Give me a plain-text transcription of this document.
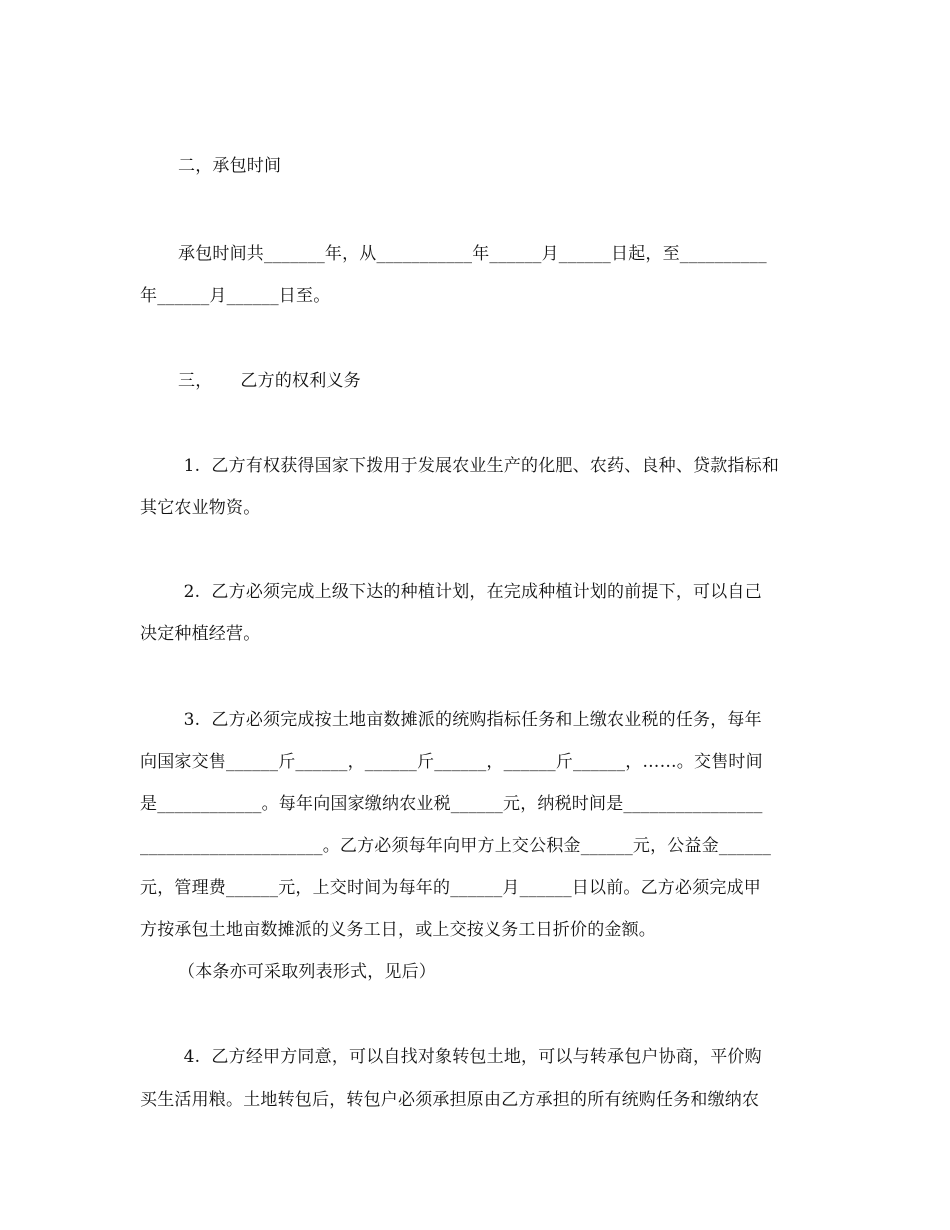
二，承包时间
承包时间共_______年，从___________年______月______日起，至__________
年______月______日至。
三，     乙方的权利义务
1.  乙方有权获得国家下拨用于发展农业生产的化肥、农药、良种、贷款指标和
其它农业物资。
2.  乙方必须完成上级下达的种植计划，在完成种植计划的前提下，可以自己
决定种植经营。
3.  乙方必须完成按土地亩数摊派的统购指标任务和上缴农业税的任务，每年
向国家交售______斤______，______斤______，______斤______，……。交售时间
是____________。每年向国家缴纳农业税______元，纳税时间是________________
_____________________。乙方必须每年向甲方上交公积金______元，公益金______
元，管理费______元，上交时间为每年的______月______日以前。乙方必须完成甲
方按承包土地亩数摊派的义务工日，或上交按义务工日折价的金额。
（本条亦可采取列表形式，见后）
4.  乙方经甲方同意，可以自找对象转包土地，可以与转承包户协商，平价购
买生活用粮。土地转包后，转包户必须承担原由乙方承担的所有统购任务和缴纳农
